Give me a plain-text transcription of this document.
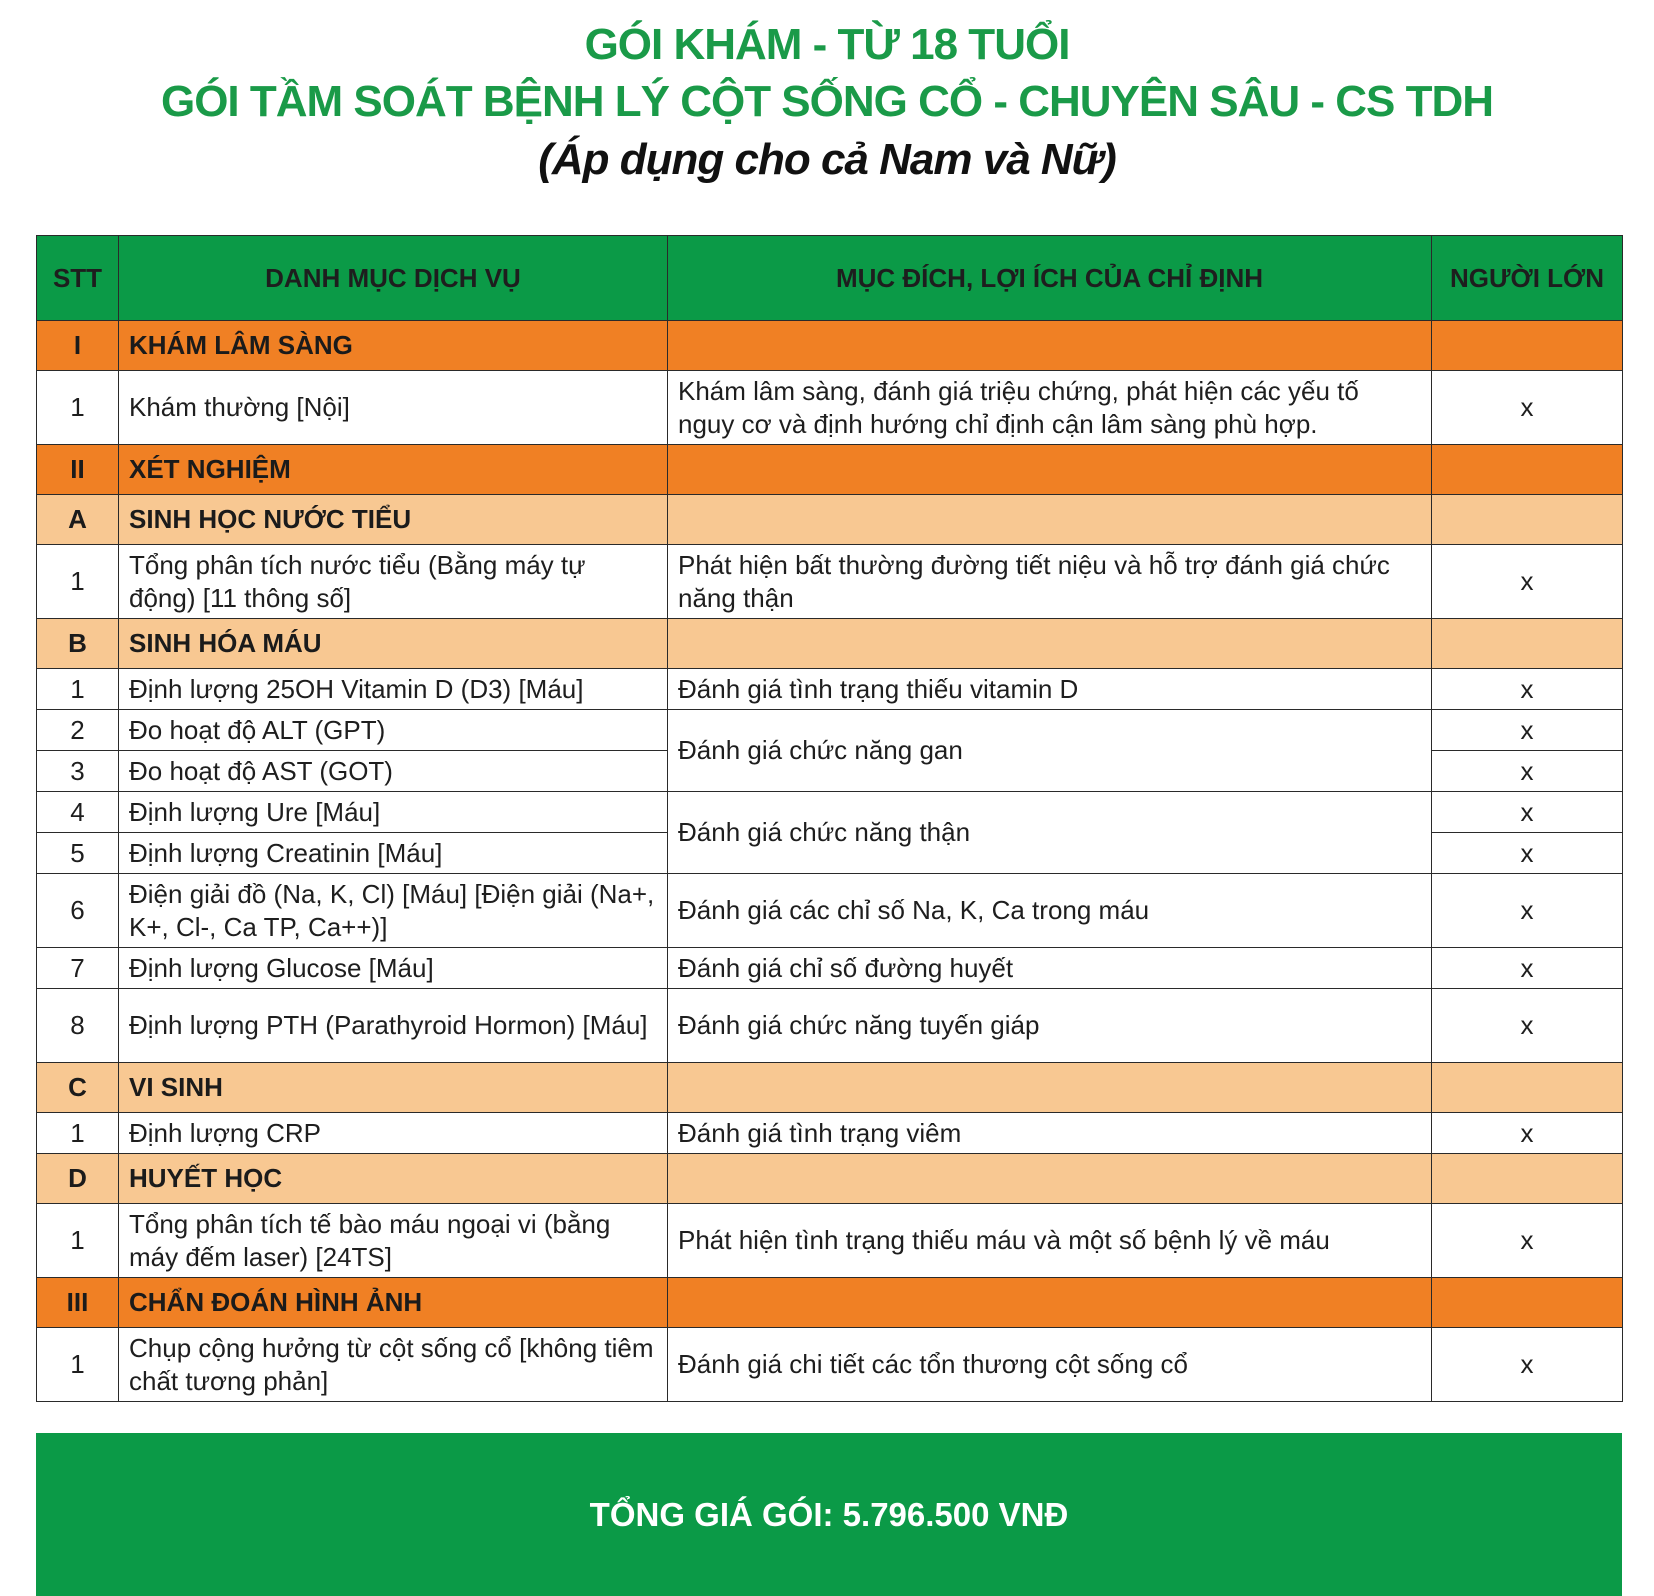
GÓI KHÁM - TỪ 18 TUỔI
GÓI TẦM SOÁT BỆNH LÝ CỘT SỐNG CỔ - CHUYÊN SÂU - CS TDH
(Áp dụng cho cả Nam và Nữ)
STT	DANH MỤC DỊCH VỤ	MỤC ĐÍCH, LỢI ÍCH CỦA CHỈ ĐỊNH	NGƯỜI LỚN
I	KHÁM LÂM SÀNG		
1	Khám thường [Nội]	Khám lâm sàng, đánh giá triệu chứng, phát hiện các yếu tố nguy cơ và định hướng chỉ định cận lâm sàng phù hợp.	x
II	XÉT NGHIỆM		
A	SINH HỌC NƯỚC TIỂU		
1	Tổng phân tích nước tiểu (Bằng máy tự động) [11 thông số]	Phát hiện bất thường đường tiết niệu và hỗ trợ đánh giá chức năng thận	x
B	SINH HÓA MÁU		
1	Định lượng 25OH Vitamin D (D3) [Máu]	Đánh giá tình trạng thiếu vitamin D	x
2	Đo hoạt độ ALT (GPT)	Đánh giá chức năng gan	x
3	Đo hoạt độ AST (GOT)		x
4	Định lượng Ure [Máu]	Đánh giá chức năng thận	x
5	Định lượng Creatinin [Máu]		x
6	Điện giải đồ (Na, K, Cl) [Máu] [Điện giải (Na+, K+, Cl-, Ca TP, Ca++)]	Đánh giá các chỉ số Na, K, Ca trong máu	x
7	Định lượng Glucose [Máu]	Đánh giá chỉ số đường huyết	x
8	Định lượng PTH (Parathyroid Hormon) [Máu]	Đánh giá chức năng tuyến giáp	x
C	VI SINH		
1	Định lượng CRP	Đánh giá tình trạng viêm	x
D	HUYẾT HỌC		
1	Tổng phân tích tế bào máu ngoại vi (bằng máy đếm laser) [24TS]	Phát hiện tình trạng thiếu máu và một số bệnh lý về máu	x
III	CHẨN ĐOÁN HÌNH ẢNH		
1	Chụp cộng hưởng từ cột sống cổ [không tiêm chất tương phản]	Đánh giá chi tiết các tổn thương cột sống cổ	x
TỔNG GIÁ GÓI: 5.796.500 VNĐ
